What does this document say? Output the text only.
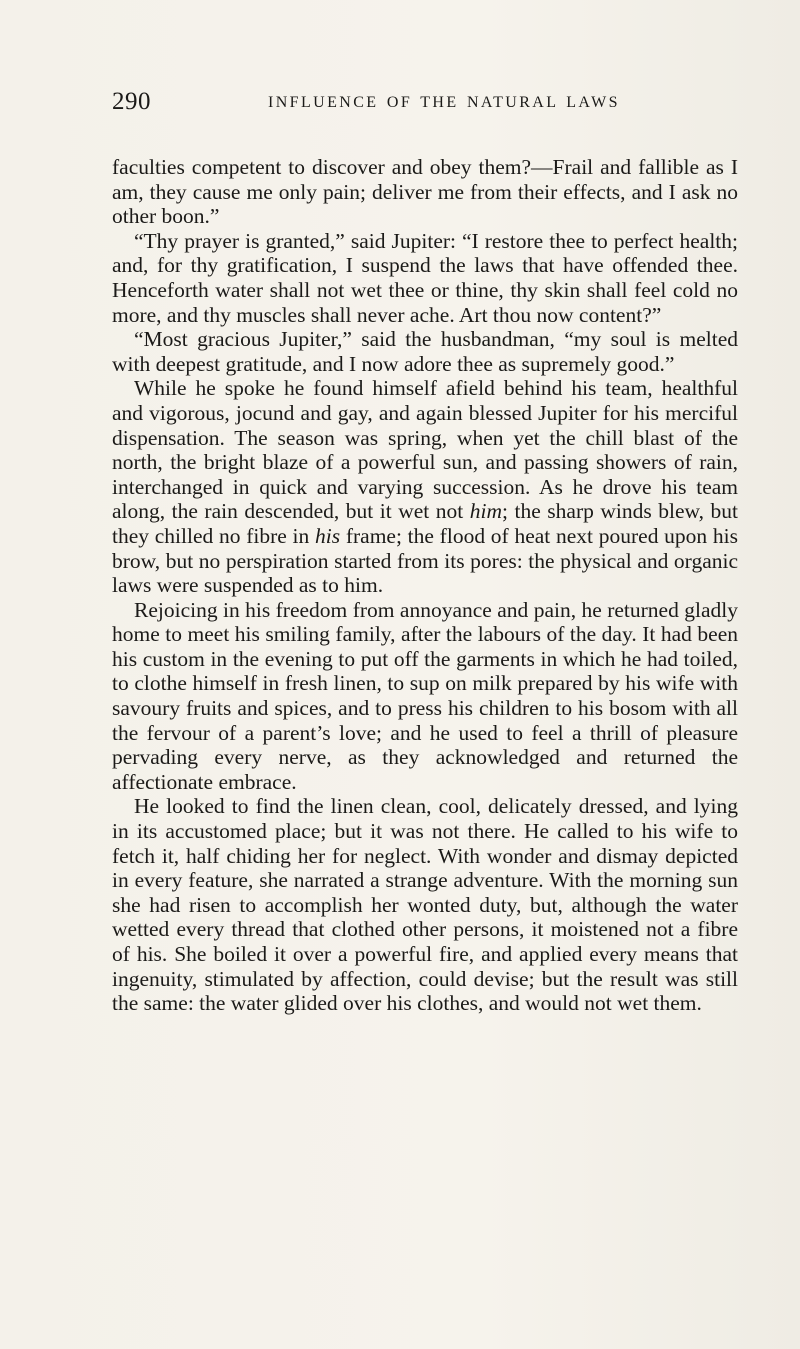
290	INFLUENCE OF THE NATURAL LAWS

faculties competent to discover and obey them?—Frail and fallible as I am, they cause me only pain; deliver me from their effects, and I ask no other boon.”

“Thy prayer is granted,” said Jupiter: “I restore thee to perfect health; and, for thy gratification, I suspend the laws that have offended thee. Henceforth water shall not wet thee or thine, thy skin shall feel cold no more, and thy muscles shall never ache. Art thou now content?”

“Most gracious Jupiter,” said the husbandman, “my soul is melted with deepest gratitude, and I now adore thee as supremely good.”

While he spoke he found himself afield behind his team, healthful and vigorous, jocund and gay, and again blessed Jupiter for his merciful dispensation. The season was spring, when yet the chill blast of the north, the bright blaze of a powerful sun, and passing showers of rain, interchanged in quick and varying succession. As he drove his team along, the rain descended, but it wet not him; the sharp winds blew, but they chilled no fibre in his frame; the flood of heat next poured upon his brow, but no perspiration started from its pores: the physical and organic laws were suspended as to him.

Rejoicing in his freedom from annoyance and pain, he returned gladly home to meet his smiling family, after the labours of the day. It had been his custom in the evening to put off the garments in which he had toiled, to clothe himself in fresh linen, to sup on milk prepared by his wife with savoury fruits and spices, and to press his children to his bosom with all the fervour of a parent’s love; and he used to feel a thrill of pleasure pervading every nerve, as they acknowledged and returned the affectionate embrace.

He looked to find the linen clean, cool, delicately dressed, and lying in its accustomed place; but it was not there. He called to his wife to fetch it, half chiding her for neglect. With wonder and dismay depicted in every feature, she narrated a strange adventure. With the morning sun she had risen to accomplish her wonted duty, but, although the water wetted every thread that clothed other persons, it moistened not a fibre of his. She boiled it over a powerful fire, and applied every means that ingenuity, stimulated by affection, could devise; but the result was still the same: the water glided over his clothes, and would not wet them.
